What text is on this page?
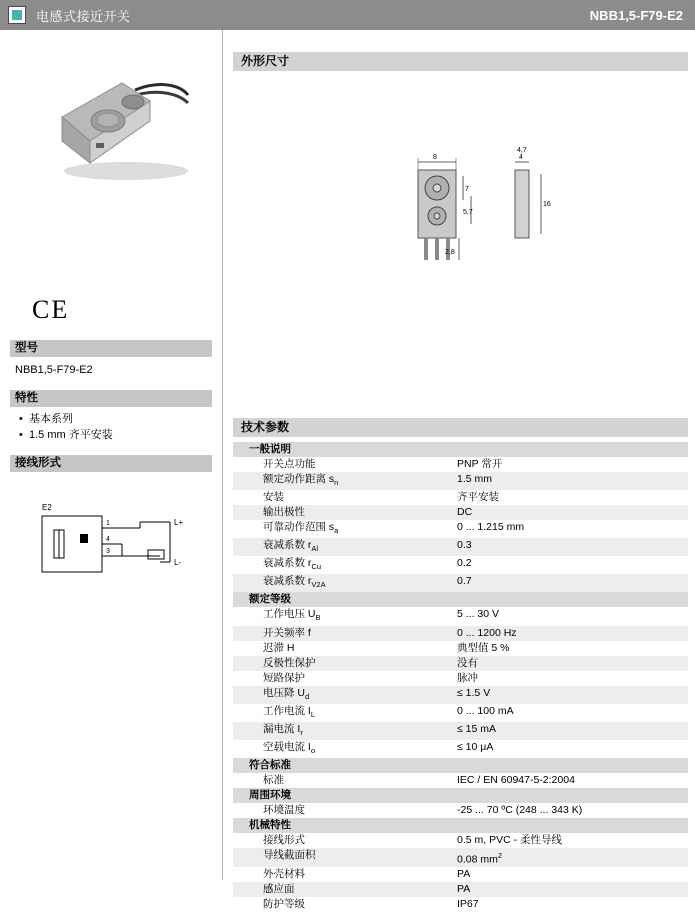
电感式接近开关	NBB1,5-F79-E2
CE
型号
NBB1,5-F79-E2
特性
• 基本系列
• 1.5 mm 齐平安装
接线形式
E2
1
4
3
L+
L-
外形尺寸
8
7
5,7
2,8
4,7
4
16
技术参数
一般说明	
开关点功能	PNP 常开
额定动作距离 $s_n$	1.5 mm
安装	齐平安装
输出极性	DC
可靠动作范围 $s_a$	0 ... 1.215 mm
衰减系数 $r_{Al}$	0.3
衰减系数 $r_{Cu}$	0.2
衰减系数 $r_{V2A}$	0.7
额定等级	
工作电压 $U_B$	5 ... 30 V
开关频率 f	0 ... 1200 Hz
迟滞 H	典型值 5 %
反极性保护	没有
短路保护	脉冲
电压降 $U_d$	≤ 1.5 V
工作电流 $I_L$	0 ... 100 mA
漏电流 $I_r$	≤ 15 mA
空载电流 $I_o$	≤ 10 μA
符合标准	
标准	IEC / EN 60947-5-2:2004
周围环境	
环境温度	-25 ... 70 ºC (248 ... 343 K)
机械特性	
接线形式	0.5 m, PVC - 柔性导线
导线截面积	0.08 $mm^2$
外壳材料	PA
感应面	PA
防护等级	IP67
